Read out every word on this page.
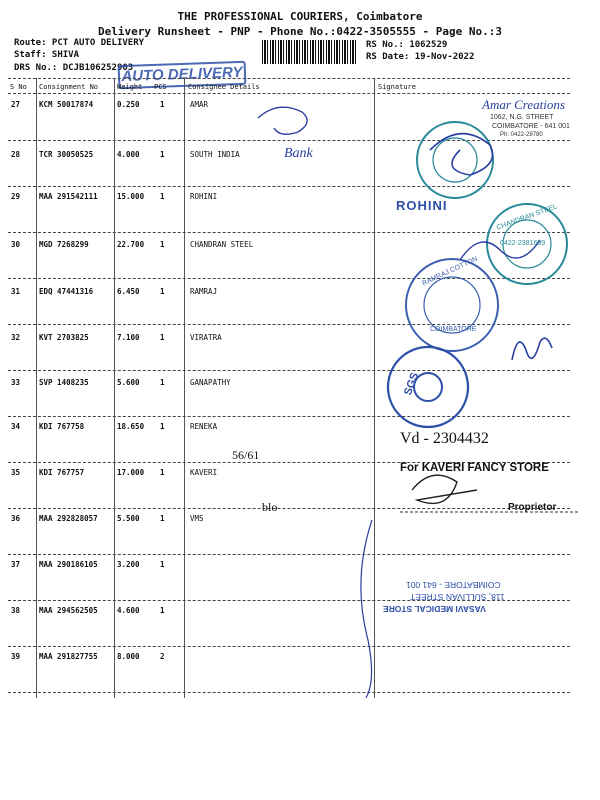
THE PROFESSIONAL COURIERS, Coimbatore
Delivery Runsheet - PNP - Phone No.:0422-3505555 - Page No.:3
Route: PCT AUTO DELIVERY
Staff: SHIVA
DRS No.: DCJB106252903
RS No.: 1062529
RS Date: 19-Nov-2022
AUTO DELIVERY
S No Consignment No	Weight PCS	Consignee Details	Signature
27	KCM 50017874	0.250	1	AMAR
28	TCR 30050525	4.000	1	SOUTH INDIA
29	MAA 291542111	15.000 1	ROHINI
30	MGD 7268299	22.700 1	CHANDRAN STEEL
31	EDQ 47441316	6.450	1	RAMRAJ
32	KVT 2703825	7.100	1	VIRATRA
33	SVP 1408235	5.600	1	GANAPATHY
34	KDI 767758	18.650 1	RENEKA
35	KDI 767757	17.000 1	KAVERI
36	MAA 292828057	5.500	1	VMS
37	MAA 290186105	3.200	1
38	MAA 294562505	4.600	1
39	MAA 291827755	8.000	2
Amar Creations
1062, N.G. STREET
COIMBATORE - 641 001
Ph: 0422-29780
Bank
ROHINI	CHANDRAN STEEL
0422-2381699
RAMRAJ COTTON
COIMBATORE
SGS
Vd - 2304432
56/61
For KAVERI FANCY STORE
blo	Proprietor
VASAVI MEDICAL STORE
118, SULLIVAN STREET
COIMBATORE - 641 001
